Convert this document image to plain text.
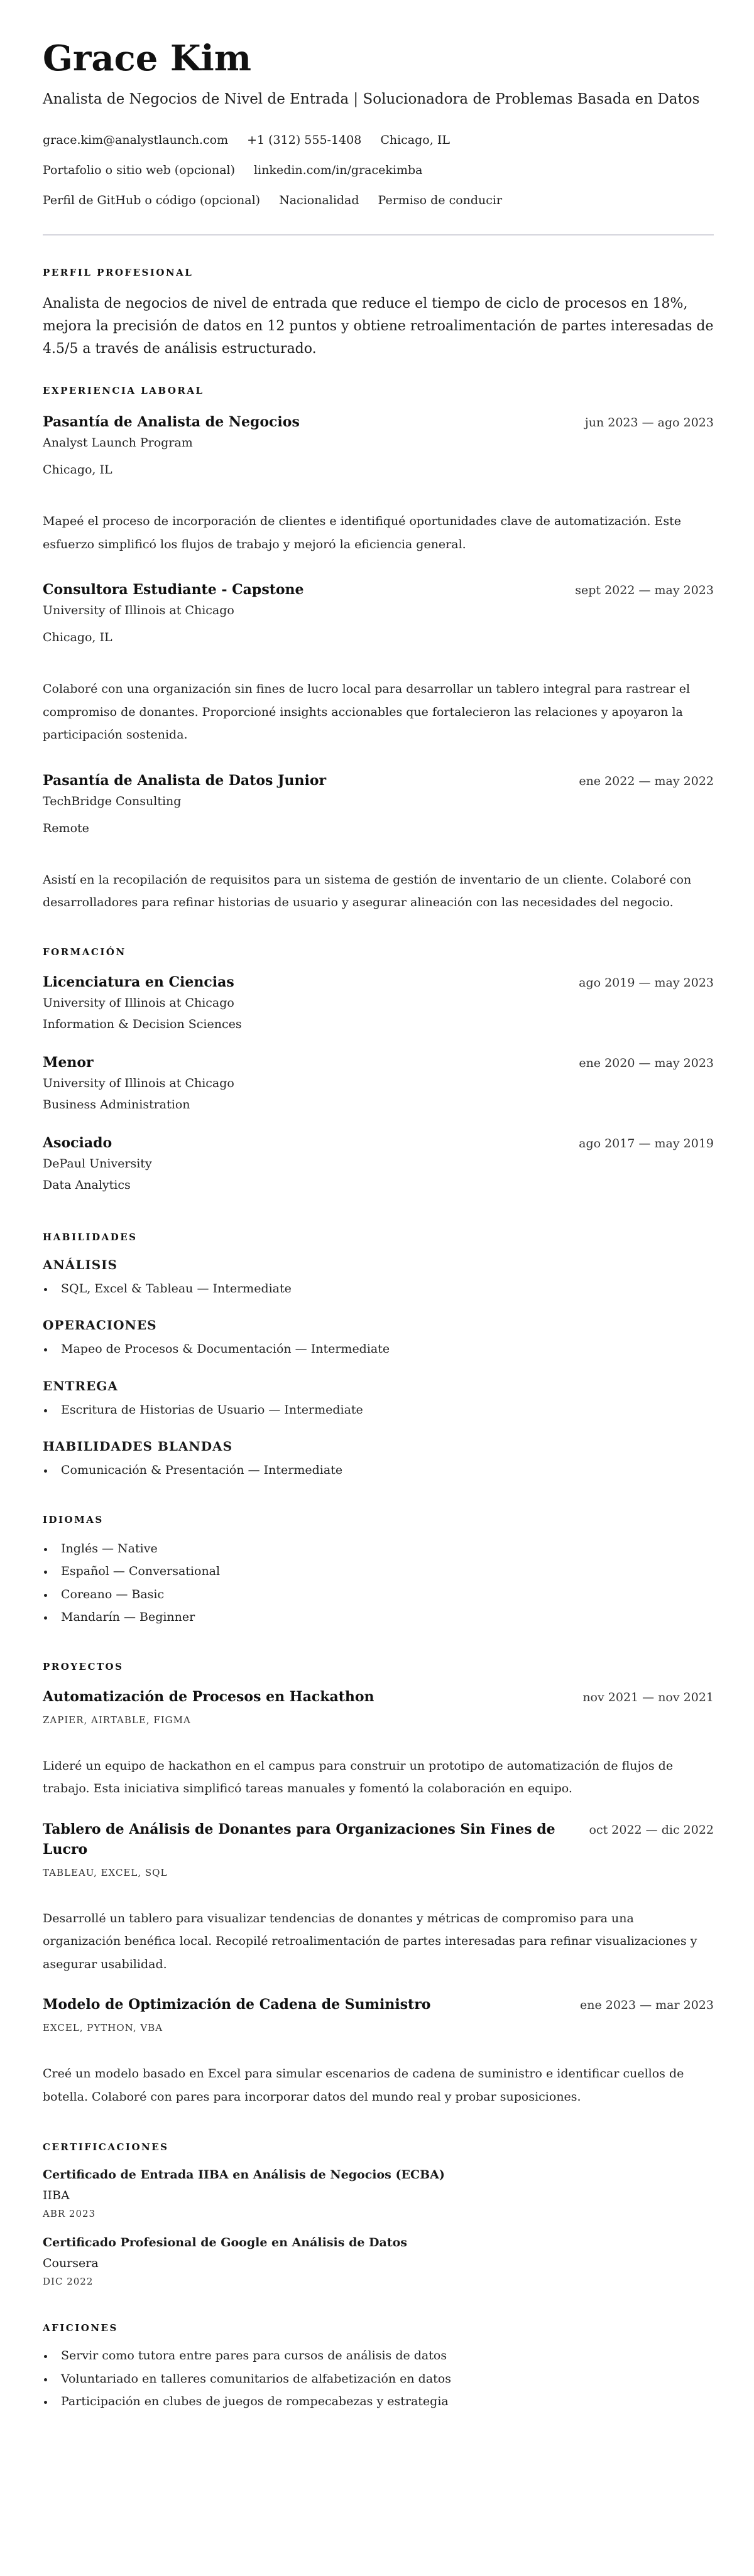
Grace Kim
Analista de Negocios de Nivel de Entrada | Solucionadora de Problemas Basada en Datos
grace.kim@analystlaunch.com +1 (312) 555-1408 Chicago, IL
Portafolio o sitio web (opcional) linkedin.com/in/gracekimba
Perfil de GitHub o código (opcional) Nacionalidad Permiso de conducir
PERFIL PROFESIONAL
Analista de negocios de nivel de entrada que reduce el tiempo de ciclo de procesos en 18%, mejora la precisión de datos en 12 puntos y obtiene retroalimentación de partes interesadas de 4.5/5 a través de análisis estructurado.
EXPERIENCIA LABORAL
Pasantía de Analista de Negocios	jun 2023 — ago 2023
Analyst Launch Program
Chicago, IL
Mapeé el proceso de incorporación de clientes e identifiqué oportunidades clave de automatización. Este esfuerzo simplificó los flujos de trabajo y mejoró la eficiencia general.
Consultora Estudiante - Capstone	sept 2022 — may 2023
University of Illinois at Chicago
Chicago, IL
Colaboré con una organización sin fines de lucro local para desarrollar un tablero integral para rastrear el compromiso de donantes. Proporcioné insights accionables que fortalecieron las relaciones y apoyaron la participación sostenida.
Pasantía de Analista de Datos Junior	ene 2022 — may 2022
TechBridge Consulting
Remote
Asistí en la recopilación de requisitos para un sistema de gestión de inventario de un cliente. Colaboré con desarrolladores para refinar historias de usuario y asegurar alineación con las necesidades del negocio.
FORMACIÓN
Licenciatura en Ciencias	ago 2019 — may 2023
University of Illinois at Chicago
Information & Decision Sciences
Menor	ene 2020 — may 2023
University of Illinois at Chicago
Business Administration
Asociado	ago 2017 — may 2019
DePaul University
Data Analytics
HABILIDADES
ANÁLISIS
SQL, Excel & Tableau — Intermediate
OPERACIONES
Mapeo de Procesos & Documentación — Intermediate
ENTREGA
Escritura de Historias de Usuario — Intermediate
HABILIDADES BLANDAS
Comunicación & Presentación — Intermediate
IDIOMAS
Inglés — Native
Español — Conversational
Coreano — Basic
Mandarín — Beginner
PROYECTOS
Automatización de Procesos en Hackathon	nov 2021 — nov 2021
ZAPIER, AIRTABLE, FIGMA
Lideré un equipo de hackathon en el campus para construir un prototipo de automatización de flujos de trabajo. Esta iniciativa simplificó tareas manuales y fomentó la colaboración en equipo.
Tablero de Análisis de Donantes para Organizaciones Sin Fines de Lucro
oct 2022 — dic 2022
TABLEAU, EXCEL, SQL
Desarrollé un tablero para visualizar tendencias de donantes y métricas de compromiso para una organización benéfica local. Recopilé retroalimentación de partes interesadas para refinar visualizaciones y asegurar usabilidad.
Modelo de Optimización de Cadena de Suministro	ene 2023 — mar 2023
EXCEL, PYTHON, VBA
Creé un modelo basado en Excel para simular escenarios de cadena de suministro e identificar cuellos de botella. Colaboré con pares para incorporar datos del mundo real y probar suposiciones.
CERTIFICACIONES
Certificado de Entrada IIBA en Análisis de Negocios (ECBA)
IIBA
ABR 2023
Certificado Profesional de Google en Análisis de Datos
Coursera
DIC 2022
AFICIONES
Servir como tutora entre pares para cursos de análisis de datos
Voluntariado en talleres comunitarios de alfabetización en datos
Participación en clubes de juegos de rompecabezas y estrategia
